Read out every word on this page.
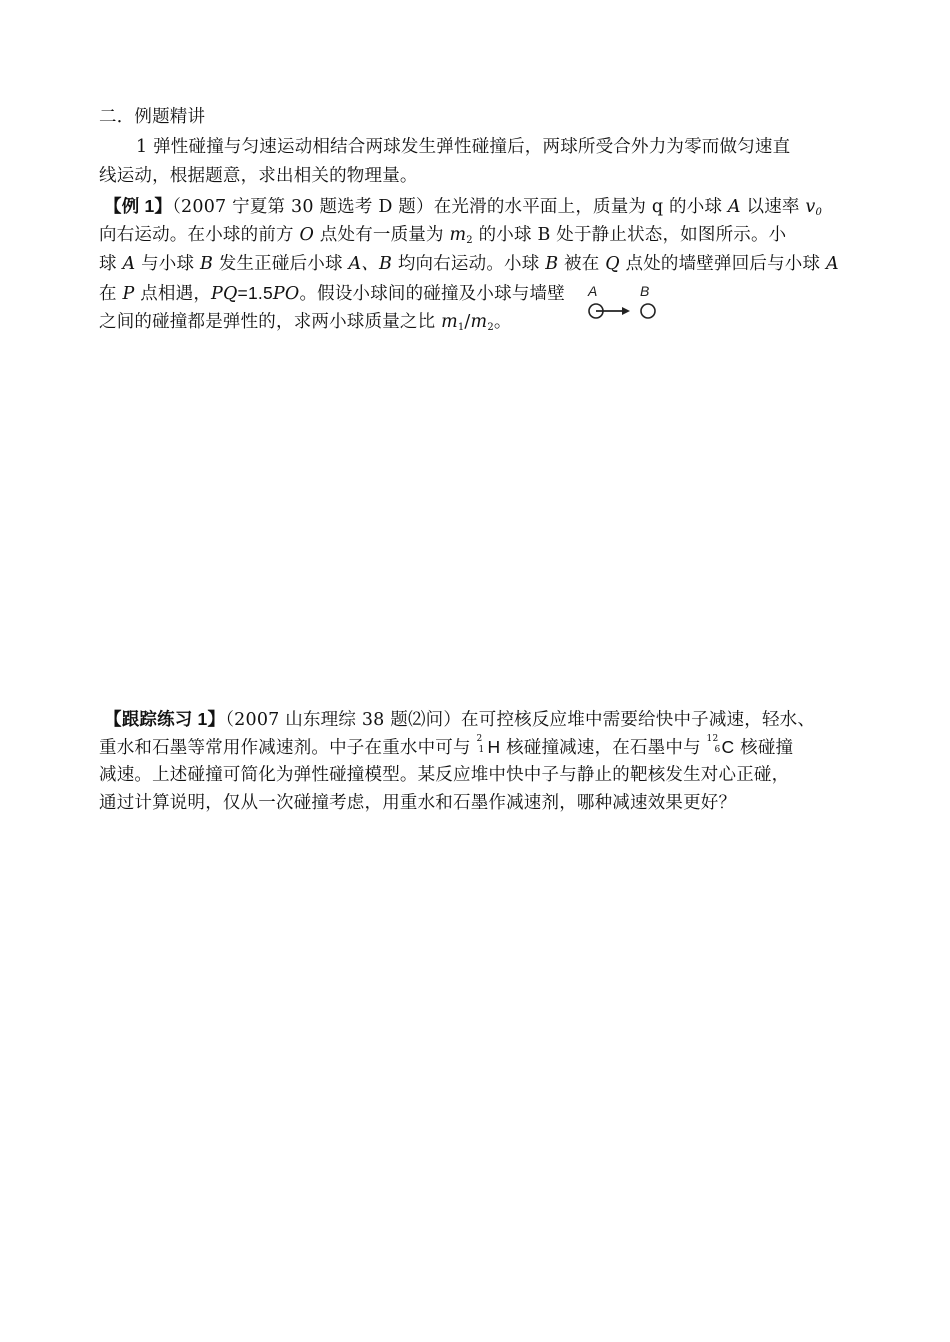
二．例题精讲
1 弹性碰撞与匀速运动相结合两球发生弹性碰撞后，两球所受合外力为零而做匀速直
线运动，根据题意，求出相关的物理量。
【例 1】（2007 宁夏第 30 题选考 D 题）在光滑的水平面上，质量为 q 的小球 A 以速率 $v_0$
向右运动。在小球的前方 O 点处有一质量为 $m_2$ 的小球 B 处于静止状态，如图所示。小
球 A 与小球 B 发生正碰后小球 A、B 均向右运动。小球 B 被在 Q 点处的墙壁弹回后与小球 A
在 P 点相遇，PQ=1.5PO。假设小球间的碰撞及小球与墙壁
之间的碰撞都是弹性的，求两小球质量之比 $m_1/m_2$。
A	B
【跟踪练习 1】（2007 山东理综 38 题⑵问）在可控核反应堆中需要给快中子减速，轻水、
重水和石墨等常用作减速剂。中子在重水中可与 2
1 H 核碰撞减速，在石墨中与 12
6 C 核碰撞
减速。上述碰撞可简化为弹性碰撞模型。某反应堆中快中子与静止的靶核发生对心正碰，
通过计算说明，仅从一次碰撞考虑，用重水和石墨作减速剂，哪种减速效果更好？
